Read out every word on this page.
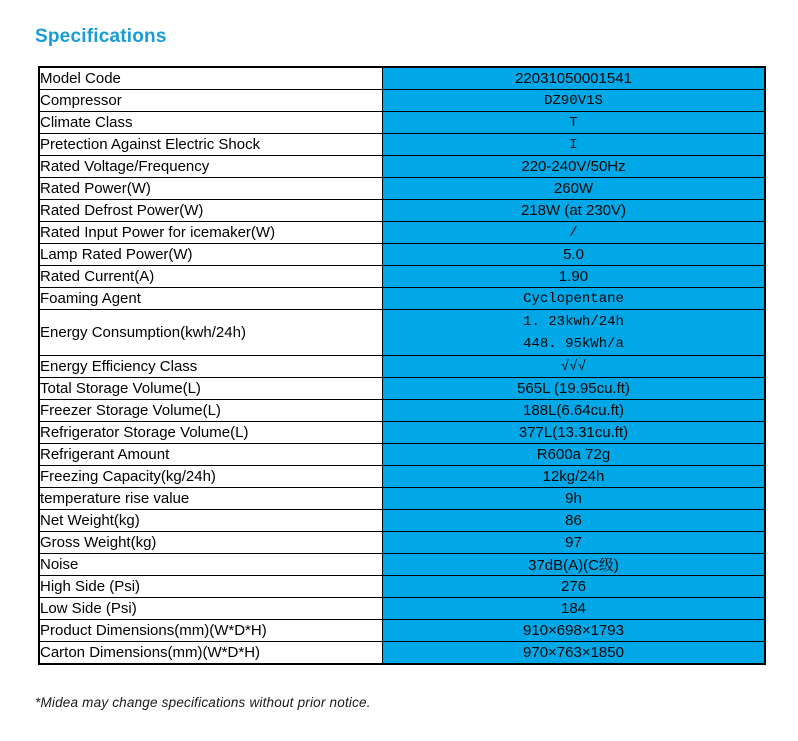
Specifications
Model Code	22031050001541

Compressor	DZ90V1S

Climate Class	T

Pretection Against Electric Shock	I

Rated Voltage/Frequency	220-240V/50Hz

Rated Power(W)	260W

Rated Defrost Power(W)	218W (at 230V)

Rated Input Power for icemaker(W)	/

Lamp Rated Power(W)	5.0

Rated Current(A)	1.90

Foaming Agent	Cyclopentane

Energy Consumption(kwh/24h)	1. 23kwh/24h
448. 95kWh/a

Energy Efficiency Class	√√√

Total Storage Volume(L)	565L (19.95cu.ft)

Freezer Storage Volume(L)	188L(6.64cu.ft)

Refrigerator Storage Volume(L)	377L(13.31cu.ft)

Refrigerant Amount	R600a 72g

Freezing Capacity(kg/24h)	12kg/24h

temperature rise value	9h

Net Weight(kg)	86

Gross Weight(kg)	97

Noise	37dB(A)(C级)

High Side (Psi)	276

Low Side (Psi)	184

Product Dimensions(mm)(W*D*H)	910×698×1793

Carton Dimensions(mm)(W*D*H)	970×763×1850

*Midea may change specifications without prior notice.
